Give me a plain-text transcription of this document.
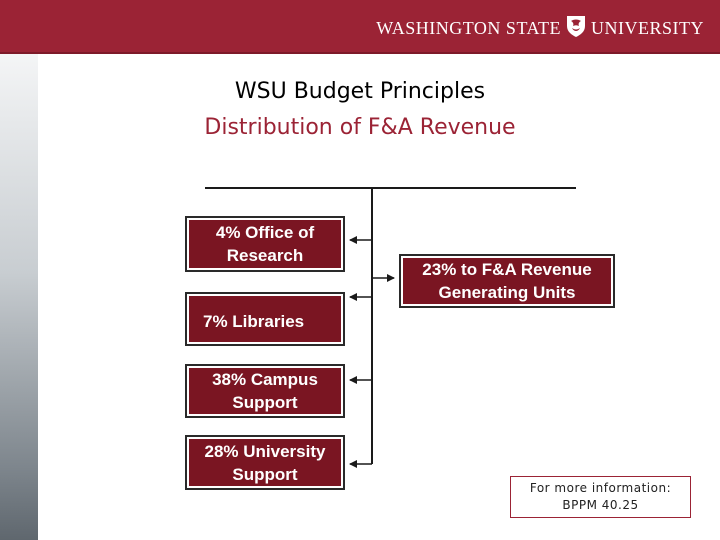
WASHINGTON STATE UNIVERSITY
WSU Budget Principles
Distribution of F&A Revenue
4% Office of Research
7% Libraries
38% Campus Support
28% University Support
23% to F&A Revenue Generating Units
For more information:
BPPM 40.25
